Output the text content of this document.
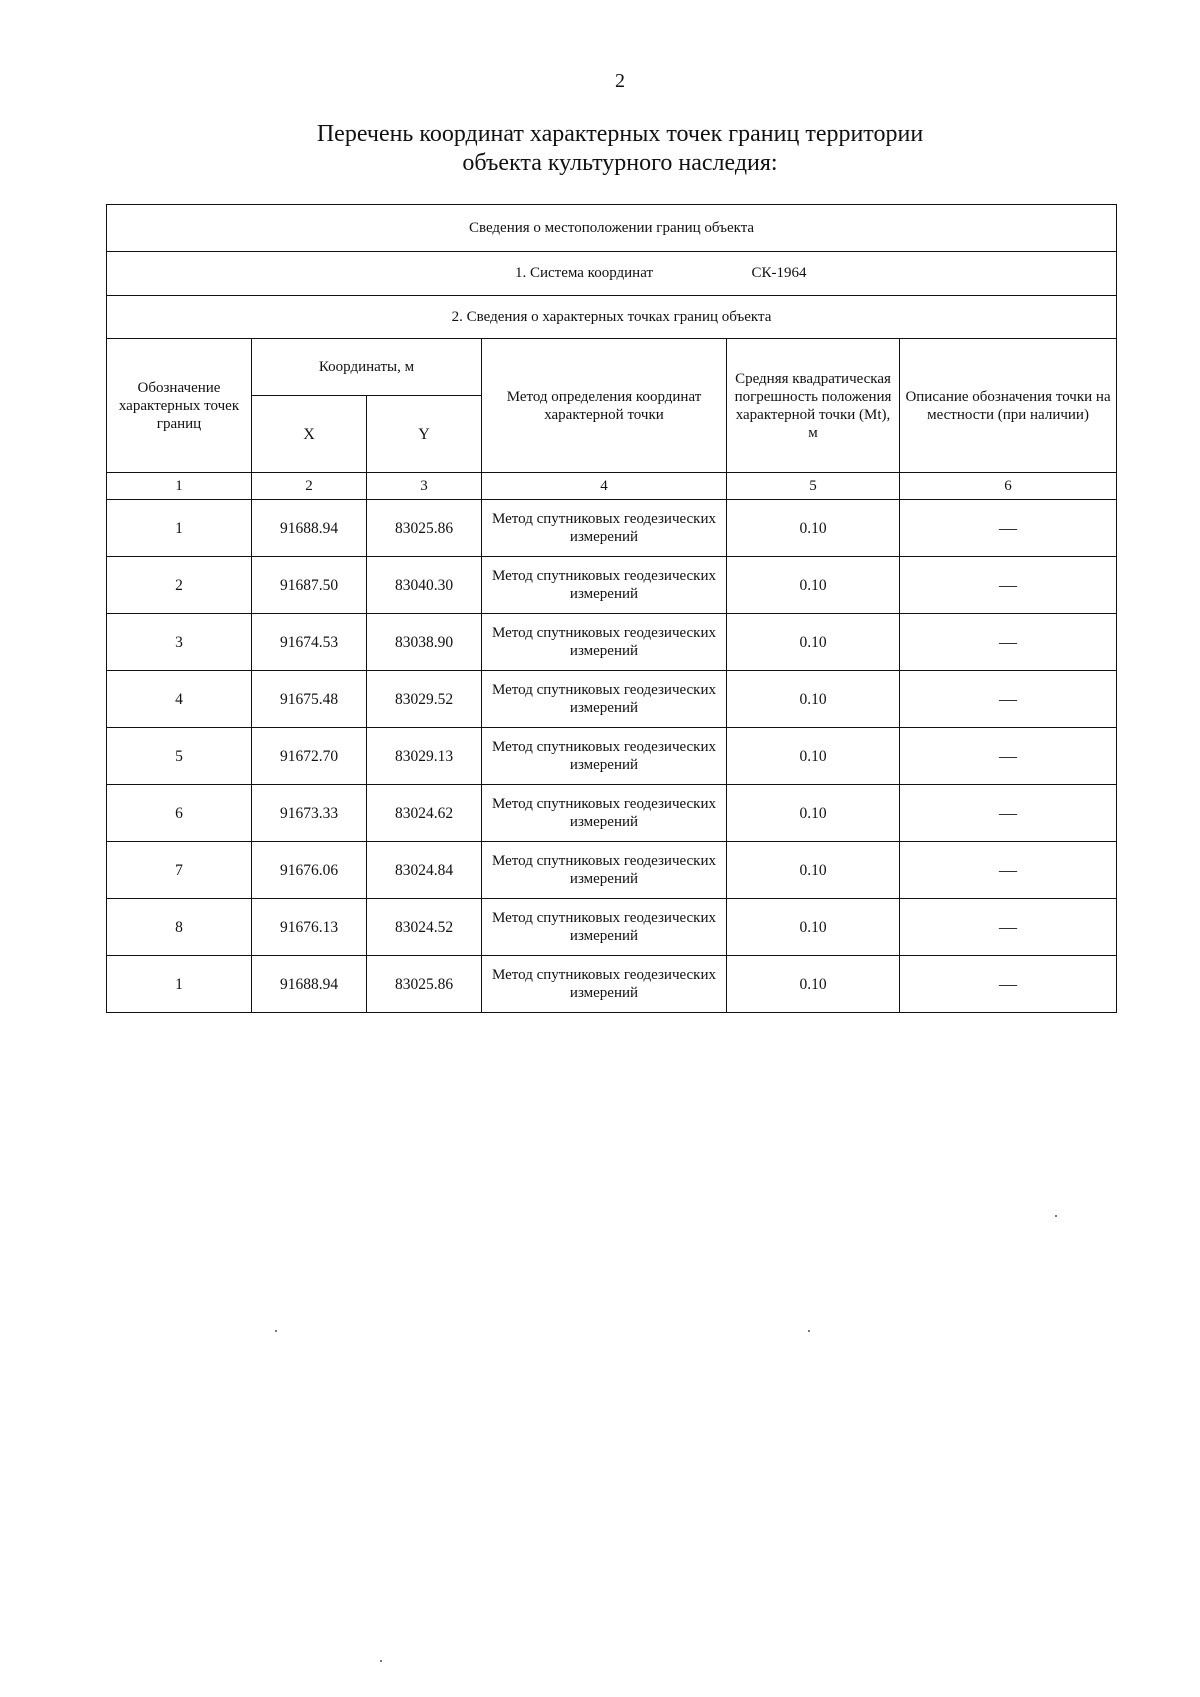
2
Перечень координат характерных точек границ территории
объекта культурного наследия:
Сведения о местоположении границ объекта					
1. Система координат СК-1964					
2. Сведения о характерных точках границ объекта					
Обозначение характерных точек границ	Координаты, м		Метод определения координат характерной точки	Средняя квадратическая погрешность положения характерной точки (Mt), м	Описание обозначения точки на местности (при наличии)
	X	Y			
1	2	3	4	5	6
1	91688.94	83025.86	Метод спутниковых геодезических измерений	0.10	—
2	91687.50	83040.30	Метод спутниковых геодезических измерений	0.10	—
3	91674.53	83038.90	Метод спутниковых геодезических измерений	0.10	—
4	91675.48	83029.52	Метод спутниковых геодезических измерений	0.10	—
5	91672.70	83029.13	Метод спутниковых геодезических измерений	0.10	—
6	91673.33	83024.62	Метод спутниковых геодезических измерений	0.10	—
7	91676.06	83024.84	Метод спутниковых геодезических измерений	0.10	—
8	91676.13	83024.52	Метод спутниковых геодезических измерений	0.10	—
1	91688.94	83025.86	Метод спутниковых геодезических измерений	0.10	—
